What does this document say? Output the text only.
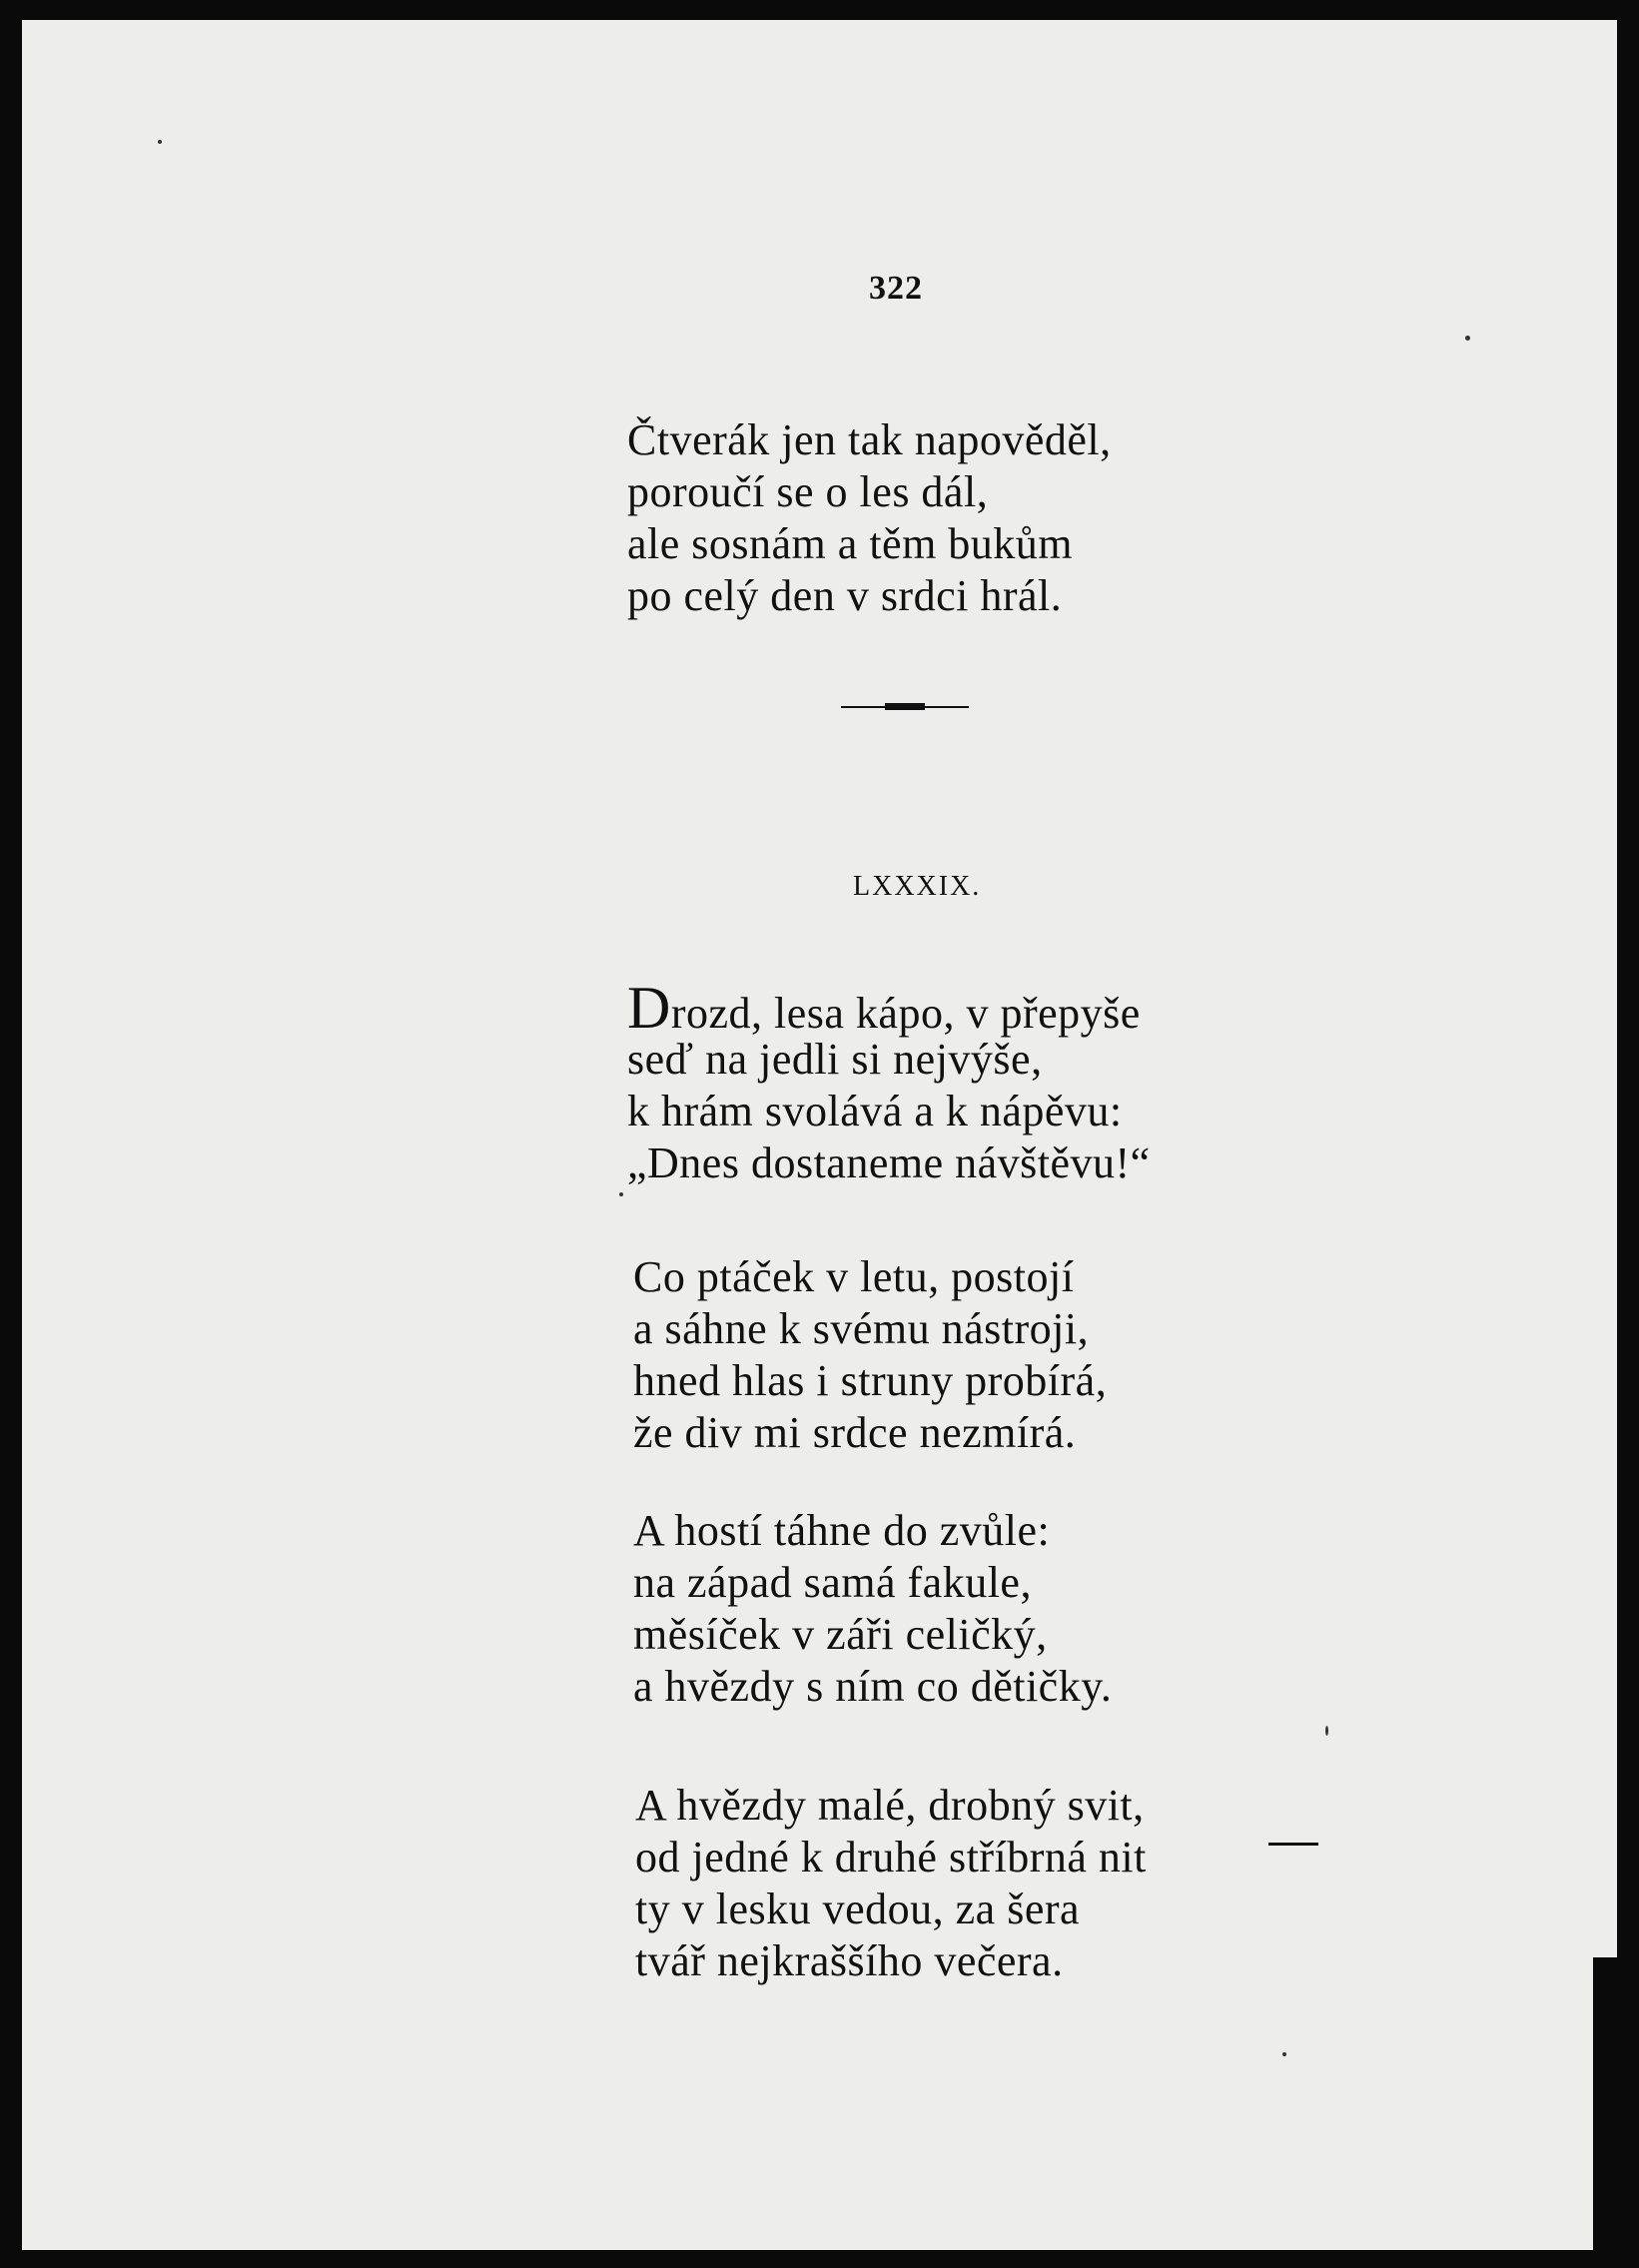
322
Čtverák jen tak napověděl,
poroučí se o les dál,
ale sosnám a těm bukům
po celý den v srdci hrál.
LXXXIX.
Drozd, lesa kápo, v přepyše
seď na jedli si nejvýše,
k hrám svolává a k nápěvu:
„Dnes dostaneme návštěvu!“
Co ptáček v letu, postojí
a sáhne k svému nástroji,
hned hlas i struny probírá,
že div mi srdce nezmírá.
A hostí táhne do zvůle:
na západ samá fakule,
měsíček v záři celičký,
a hvězdy s ním co dětičky.
A hvězdy malé, drobný svit,
od jedné k druhé stříbrná nit
ty v lesku vedou, za šera
tvář nejkraššího večera.
